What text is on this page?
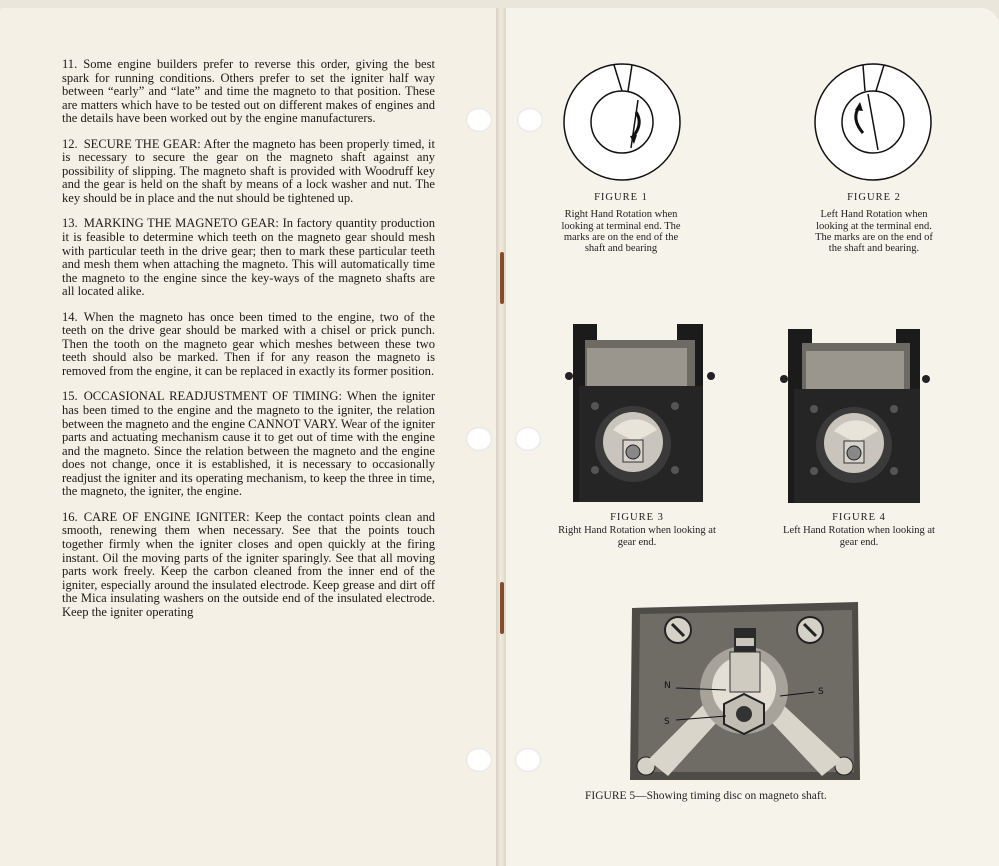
11. Some engine builders prefer to reverse this order, giving the best spark for running conditions. Others prefer to set the igniter half way between “early” and “late” and time the magneto to that position. These are matters which have to be tested out on different makes of engines and the details have been worked out by the engine manufacturers.

12. SECURE THE GEAR: After the magneto has been properly timed, it is necessary to secure the gear on the magneto shaft against any possibility of slipping. The magneto shaft is provided with Woodruff key and the gear is held on the shaft by means of a lock washer and nut. The key should be in place and the nut should be tightened up.

13. MARKING THE MAGNETO GEAR: In factory quantity production it is feasible to determine which teeth on the magneto gear should mesh with particular teeth in the drive gear; then to mark these particular teeth and mesh them when attaching the magneto. This will automatically time the magneto to the engine since the key-ways of the magneto shafts are all located alike.

14. When the magneto has once been timed to the engine, two of the teeth on the drive gear should be marked with a chisel or prick punch. Then the tooth on the magneto gear which meshes between these two teeth should also be marked. Then if for any reason the magneto is removed from the engine, it can be replaced in exactly its former position.

15. OCCASIONAL READJUSTMENT OF TIMING: When the igniter has been timed to the engine and the magneto to the igniter, the relation between the magneto and the engine CANNOT VARY. Wear of the igniter parts and actuating mechanism cause it to get out of time with the engine and the magneto. Since the relation between the magneto and the engine does not change, once it is established, it is necessary to occasionally readjust the igniter and its operating mechanism, to keep the three in time, the magneto, the igniter, the engine.

16. CARE OF ENGINE IGNITER: Keep the contact points clean and smooth, renewing them when necessary. See that the points touch together firmly when the igniter closes and open quickly at the firing instant. Oil the moving parts of the igniter sparingly. See that all moving parts work freely. Keep the carbon cleaned from the inner end of the igniter, especially around the insulated electrode. Keep grease and dirt off the Mica insulating washers on the outside end of the insulated electrode. Keep the igniter operating

FIGURE 1
Right Hand Rotation when looking at terminal end. The marks are on the end of the shaft and bearing
FIGURE 2
Left Hand Rotation when looking at the terminal end. The marks are on the end of the shaft and bearing.
FIGURE 3
Right Hand Rotation when looking at gear end.
FIGURE 4
Left Hand Rotation when looking at gear end.
N
S
S
FIGURE 5—Showing timing disc on magneto shaft.
